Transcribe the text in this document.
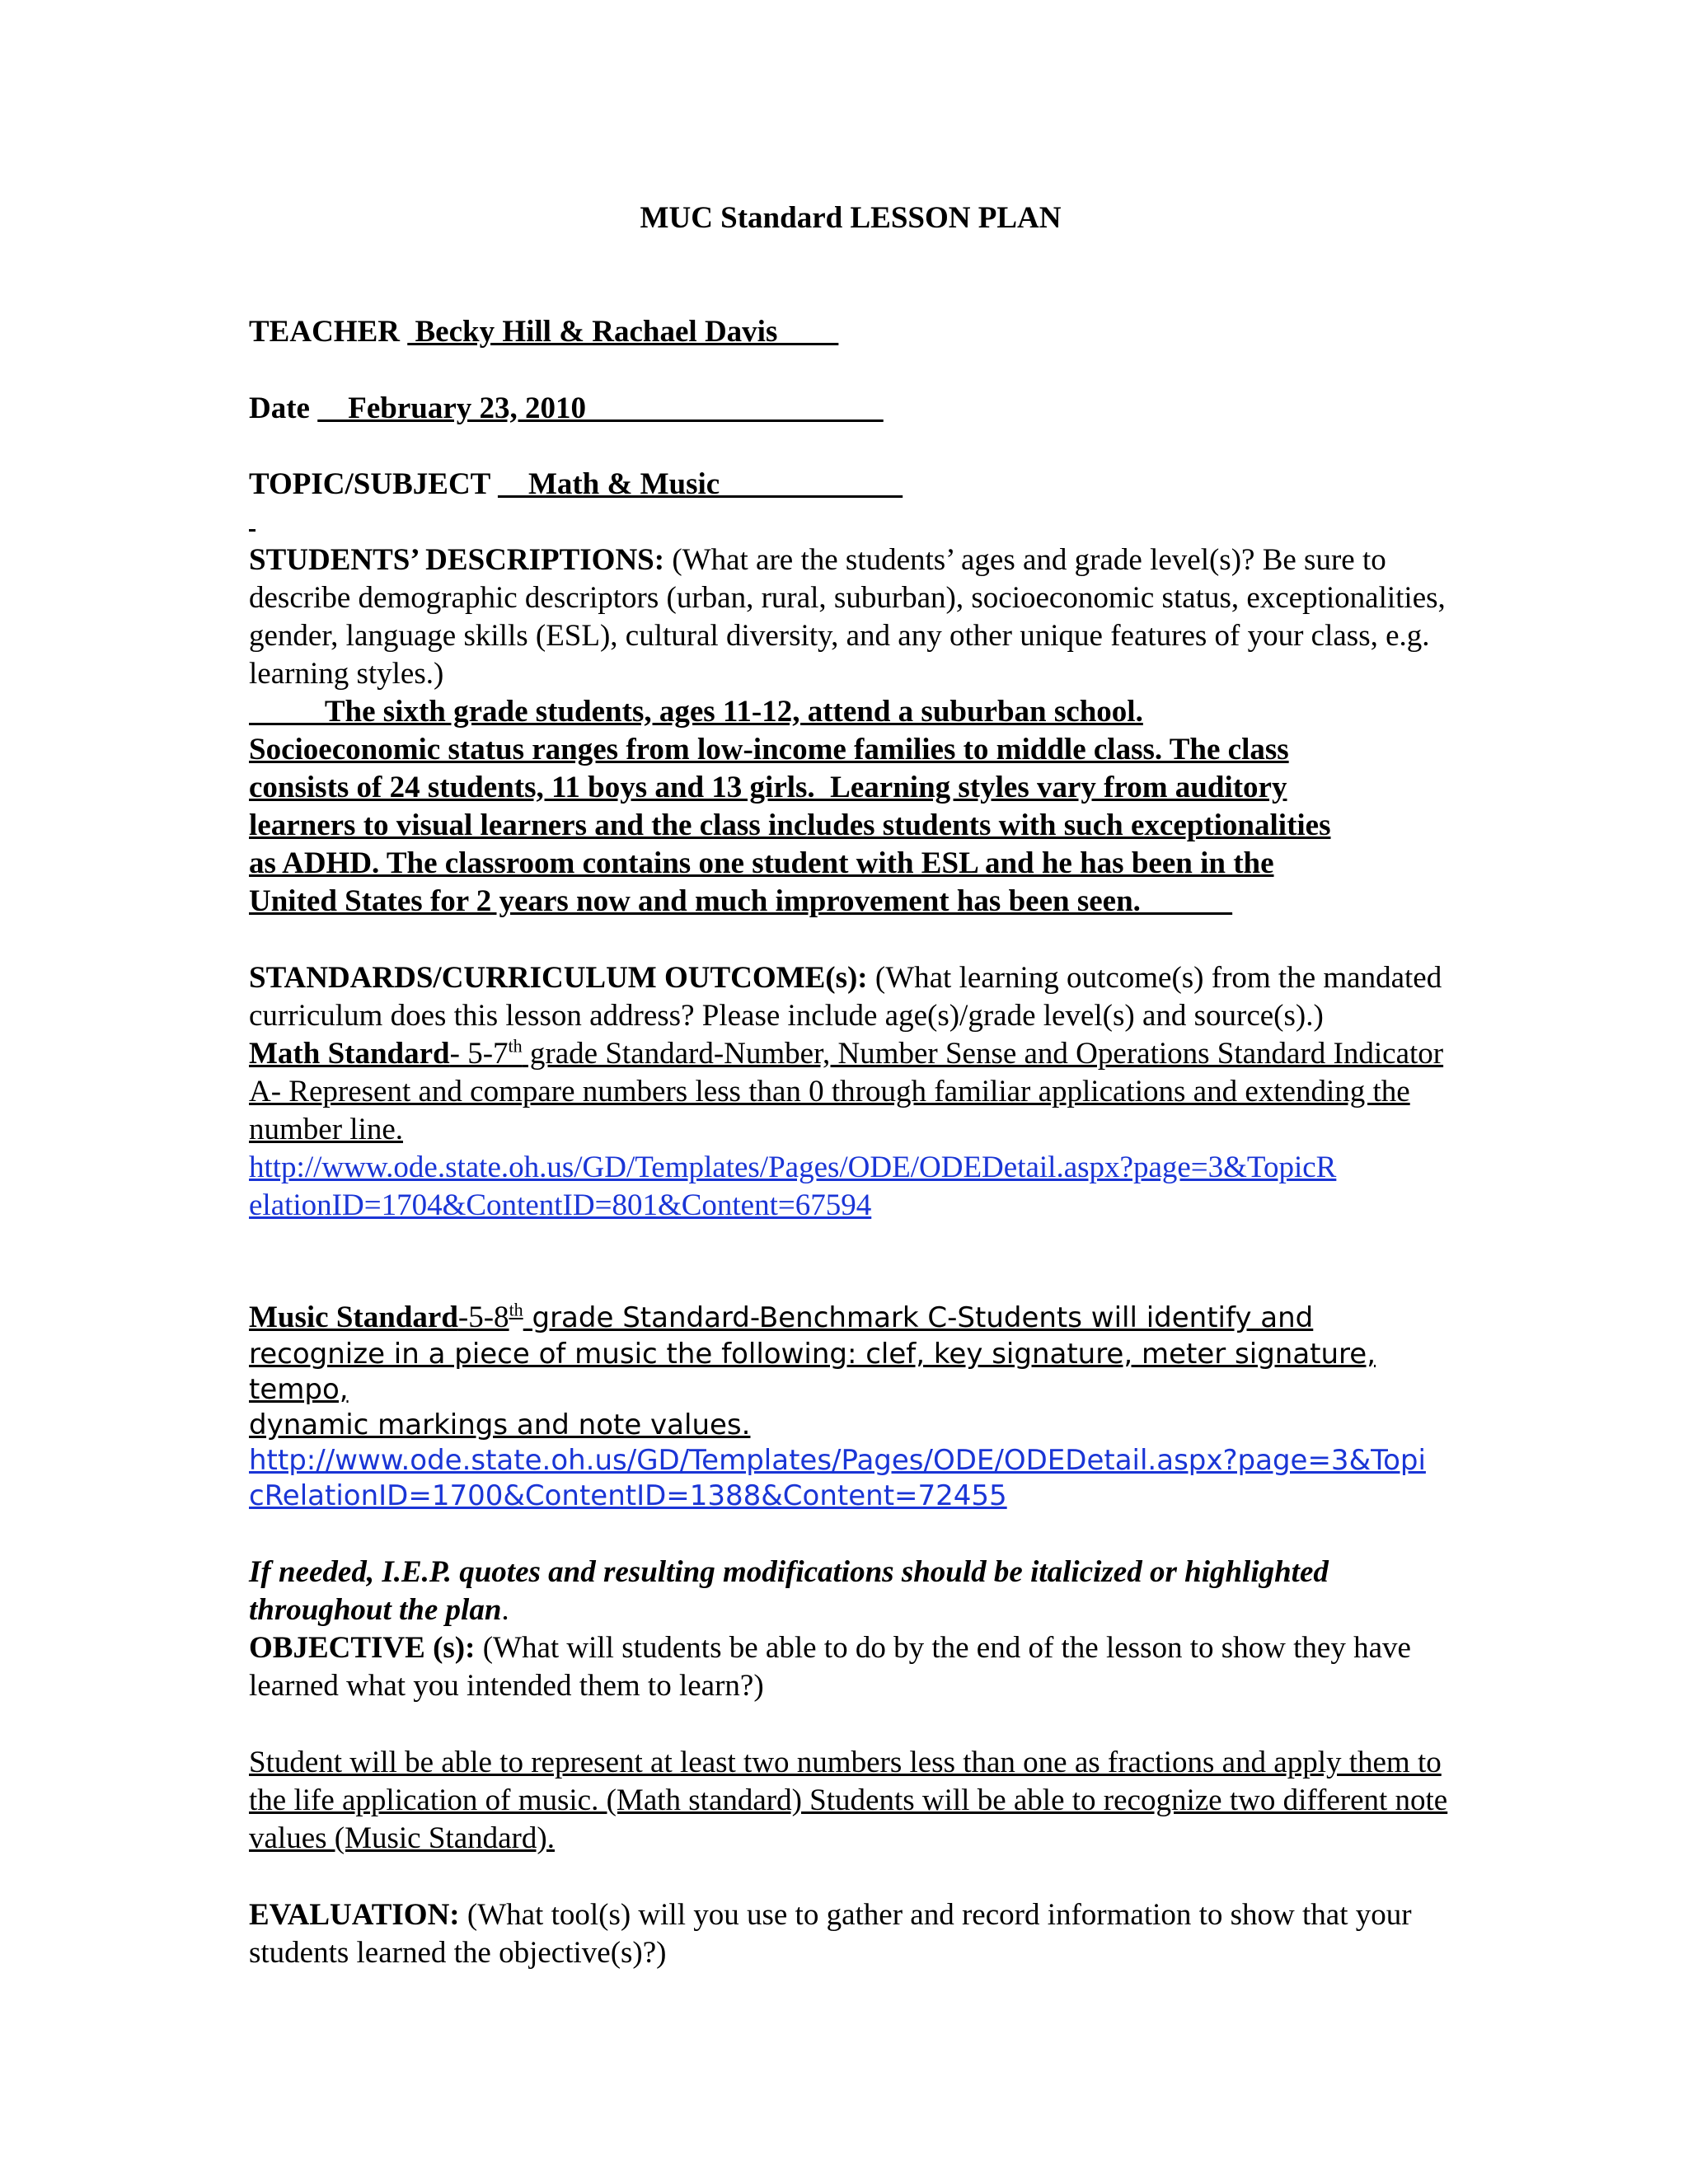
MUC Standard LESSON PLAN
TEACHER  Becky Hill & Rachael Davis
Date     February 23, 2010
TOPIC/SUBJECT     Math & Music
STUDENTS’ DESCRIPTIONS: (What are the students’ ages and grade level(s)? Be sure to describe demographic descriptors (urban, rural, suburban), socioeconomic status, exceptionalities, gender, language skills (ESL), cultural diversity, and any other unique features of your class, e.g. learning styles.)
The sixth grade students, ages 11-12, attend a suburban school.
Socioeconomic status ranges from low-income families to middle class. The class
consists of 24 students, 11 boys and 13 girls.  Learning styles vary from auditory
learners to visual learners and the class includes students with such exceptionalities
as ADHD. The classroom contains one student with ESL and he has been in the
United States for 2 years now and much improvement has been seen.______
STANDARDS/CURRICULUM OUTCOME(s): (What learning outcome(s) from the mandated curriculum does this lesson address? Please include age(s)/grade level(s) and source(s).)
Math Standard- 5-7th grade Standard-Number, Number Sense and Operations Standard Indicator A- Represent and compare numbers less than 0 through familiar applications and extending the number line.
http://www.ode.state.oh.us/GD/Templates/Pages/ODE/ODEDetail.aspx?page=3&TopicR
elationID=1704&ContentID=801&Content=67594
Music Standard-5-8th grade Standard-Benchmark C-Students will identify and
recognize in a piece of music the following: clef, key signature, meter signature, tempo,
dynamic markings and note values.
http://www.ode.state.oh.us/GD/Templates/Pages/ODE/ODEDetail.aspx?page=3&Topi
cRelationID=1700&ContentID=1388&Content=72455
If needed, I.E.P. quotes and resulting modifications should be italicized or highlighted throughout the plan.
OBJECTIVE (s): (What will students be able to do by the end of the lesson to show they have learned what you intended them to learn?)
Student will be able to represent at least two numbers less than one as fractions and apply them to the life application of music. (Math standard) Students will be able to recognize two different note values (Music Standard).
EVALUATION: (What tool(s) will you use to gather and record information to show that your students learned the objective(s)?)
